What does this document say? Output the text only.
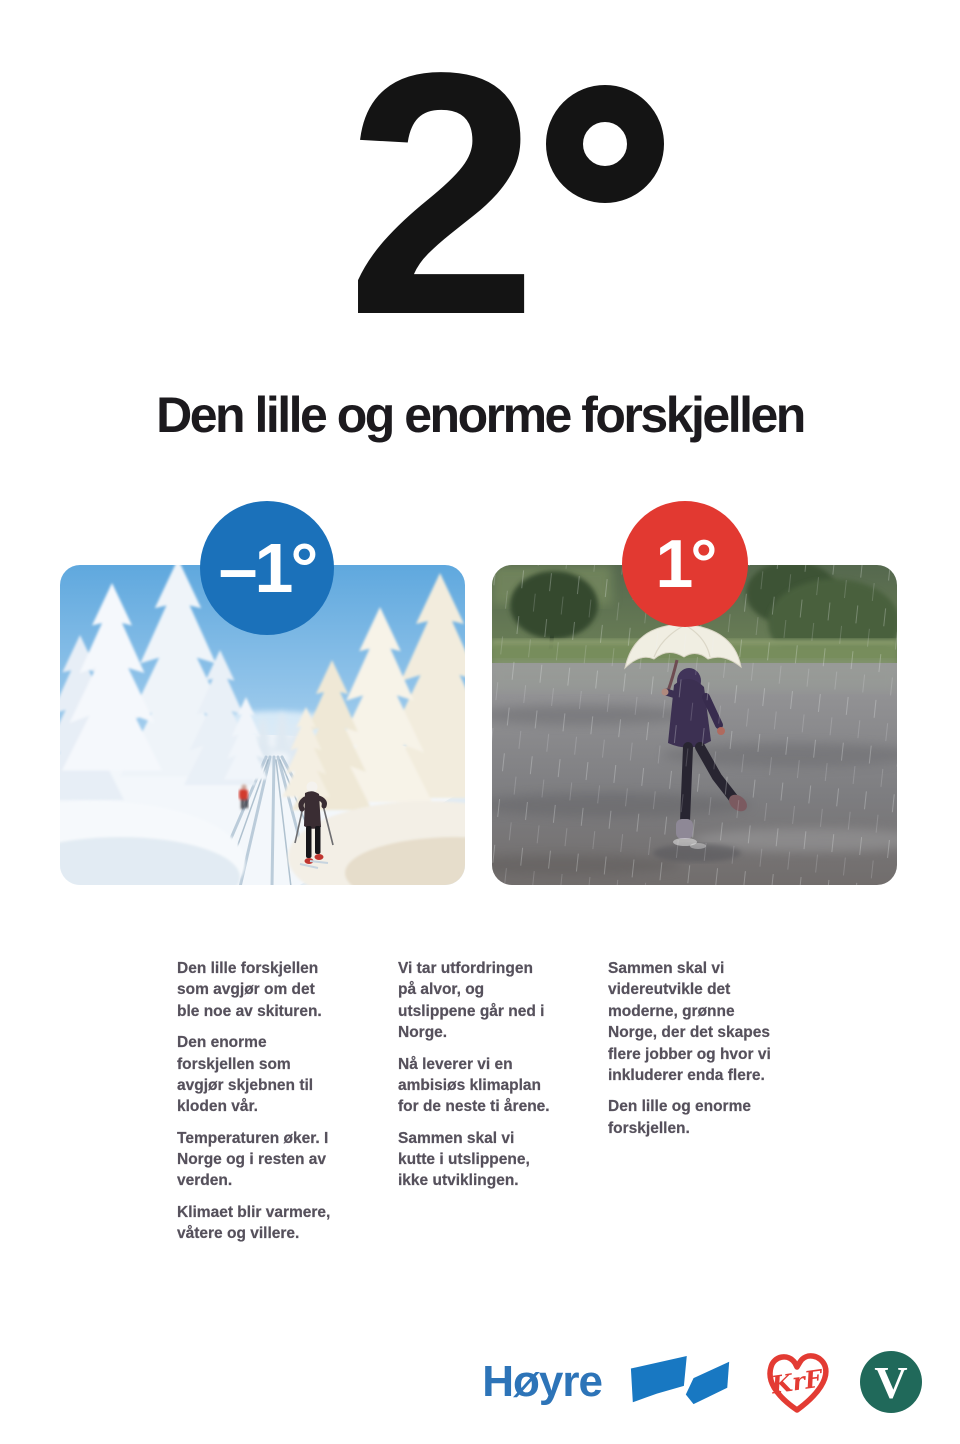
2
Den lille og enorme forskjellen
–1°	1°

Den lille forskjellen som avgjør om det ble noe av skituren.

Den enorme forskjellen som avgjør skjebnen til kloden vår.

Temperaturen øker. I Norge og i resten av verden.

Klimaet blir varmere, våtere og villere.

Vi tar utfordringen på alvor, og utslippene går ned i Norge.

Nå leverer vi en ambisiøs klimaplan for de neste ti årene.

Sammen skal vi kutte i utslippene, ikke utviklingen.

Sammen skal vi videreutvikle det moderne, grønne Norge, der det skapes flere jobber og hvor vi inkluderer enda flere.

Den lille og enorme forskjellen.

Høyre	KrF V
